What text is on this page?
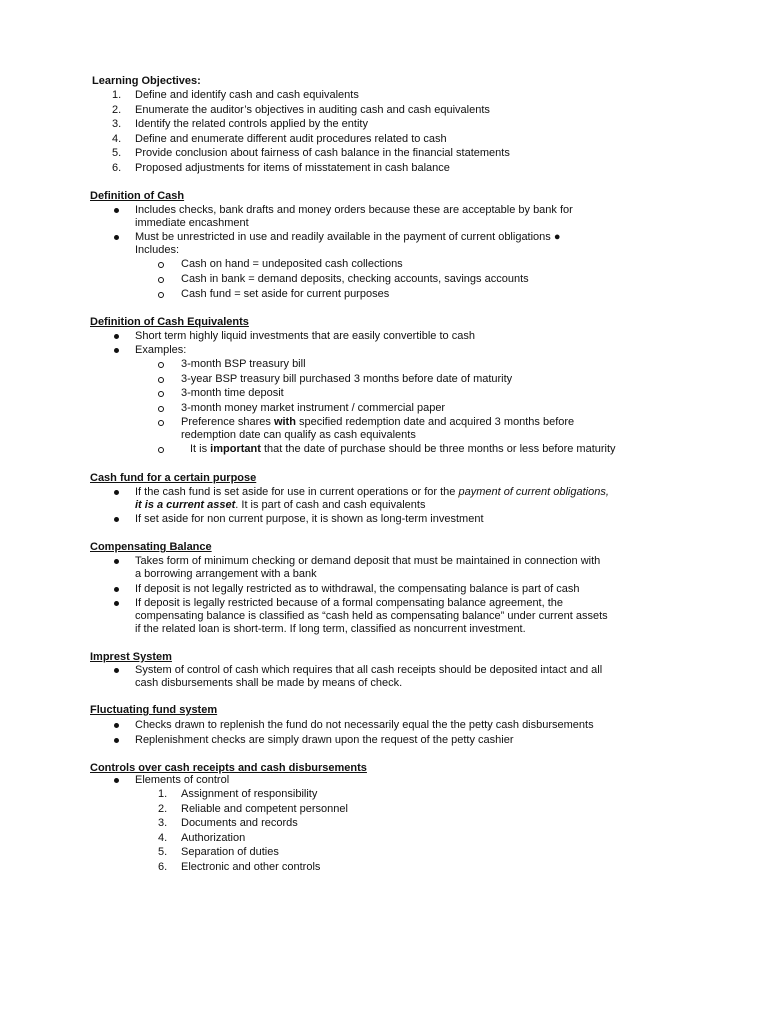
Learning Objectives:
1. Define and identify cash and cash equivalents
2. Enumerate the auditor’s objectives in auditing cash and cash equivalents
3. Identify the related controls applied by the entity
4. Define and enumerate different audit procedures related to cash
5. Provide conclusion about fairness of cash balance in the financial statements
6. Proposed adjustments for items of misstatement in cash balance
Definition of Cash
Includes checks, bank drafts and money orders because these are acceptable by bank for
immediate encashment
Must be unrestricted in use and readily available in the payment of current obligations ●
Includes:
Cash on hand = undeposited cash collections
Cash in bank = demand deposits, checking accounts, savings accounts
Cash fund = set aside for current purposes
Definition of Cash Equivalents
Short term highly liquid investments that are easily convertible to cash
Examples:
3-month BSP treasury bill
3-year BSP treasury bill purchased 3 months before date of maturity
3-month time deposit
3-month money market instrument / commercial paper
Preference shares with specified redemption date and acquired 3 months before
redemption date can qualify as cash equivalents
It is important that the date of purchase should be three months or less before maturity
Cash fund for a certain purpose
If the cash fund is set aside for use in current operations or for the payment of current obligations,
it is a current asset. It is part of cash and cash equivalents
If set aside for non current purpose, it is shown as long-term investment
Compensating Balance
Takes form of minimum checking or demand deposit that must be maintained in connection with
a borrowing arrangement with a bank
If deposit is not legally restricted as to withdrawal, the compensating balance is part of cash
If deposit is legally restricted because of a formal compensating balance agreement, the
compensating balance is classified as “cash held as compensating balance” under current assets
if the related loan is short-term. If long term, classified as noncurrent investment.
Imprest System
System of control of cash which requires that all cash receipts should be deposited intact and all
cash disbursements shall be made by means of check.
Fluctuating fund system
Checks drawn to replenish the fund do not necessarily equal the the petty cash disbursements
Replenishment checks are simply drawn upon the request of the petty cashier
Controls over cash receipts and cash disbursements
Elements of control
1. Assignment of responsibility
2. Reliable and competent personnel
3. Documents and records
4. Authorization
5. Separation of duties
6. Electronic and other controls
